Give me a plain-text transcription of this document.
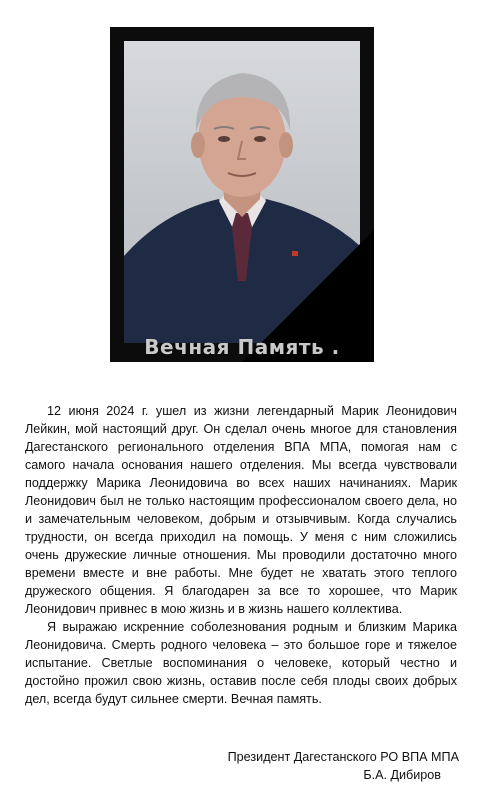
Вечная Память .

12 июня 2024 г. ушел из жизни легендарный Марик Леонидович Лейкин, мой настоящий друг. Он сделал очень многое для становления Дагестанского регионального отделения ВПА МПА, помогая нам с самого начала основания нашего отделения. Мы всегда чувствовали поддержку Марика Леонидовича во всех наших начинаниях. Марик Леонидович был не только настоящим профессионалом своего дела, но и замечательным человеком, добрым и отзывчивым. Когда случались трудности, он всегда приходил на помощь. У меня с ним сложились очень дружеские личные отношения. Мы проводили достаточно много времени вместе и вне работы. Мне будет не хватать этого теплого дружеского общения. Я благодарен за все то хорошее, что Марик Леонидович привнес в мою жизнь и в жизнь нашего коллектива.

Я выражаю искренние соболезнования родным и близким Марика Леонидовича. Смерть родного человека – это большое горе и тяжелое испытание. Светлые воспоминания о человеке, который честно и достойно прожил свою жизнь, оставив после себя плоды своих добрых дел, всегда будут сильнее смерти. Вечная память.

Президент Дагестанского РО ВПА МПА
Б.А. Дибиров
